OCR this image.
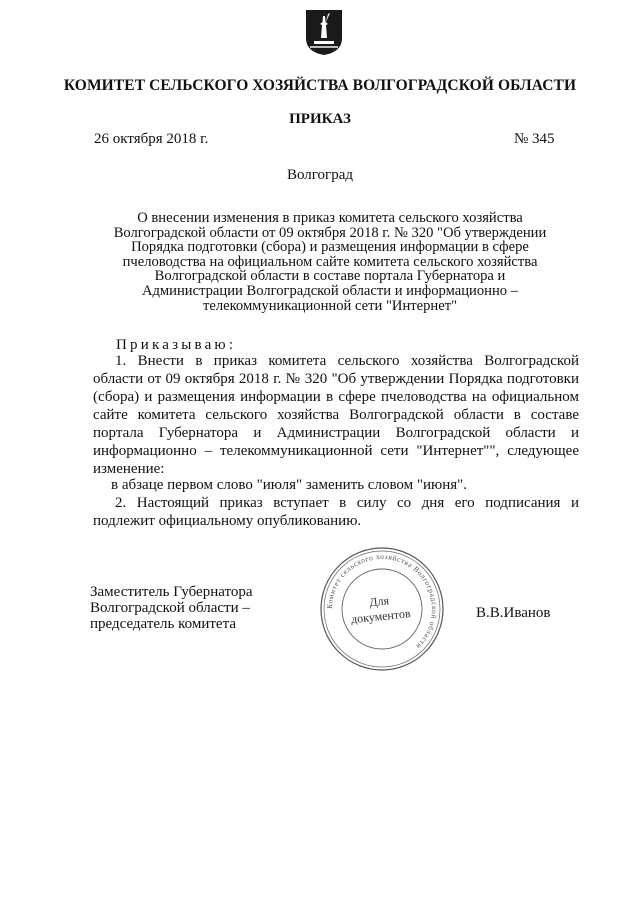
КОМИТЕТ СЕЛЬСКОГО ХОЗЯЙСТВА ВОЛГОГРАДСКОЙ ОБЛАСТИ
ПРИКАЗ
26 октября 2018 г.	№ 345
Волгоград
О внесении изменения в приказ комитета сельского хозяйства
Волгоградской области от 09 октября 2018 г. № 320 "Об утверждении
Порядка подготовки (сбора) и размещения информации в сфере
пчеловодства на официальном сайте комитета сельского хозяйства
Волгоградской области в составе портала Губернатора и
Администрации Волгоградской области и информационно –
телекоммуникационной сети "Интернет"
Приказываю:
1. Внести в приказ комитета сельского хозяйства Волгоградской
области от 09 октября 2018 г. № 320 "Об утверждении Порядка подготовки
(сбора) и размещения информации в сфере пчеловодства на официальном
сайте комитета сельского хозяйства Волгоградской области в составе
портала Губернатора и Администрации Волгоградской области и
информационно – телекоммуникационной сети "Интернет"", следующее
изменение:
в абзаце первом слово "июля" заменить словом "июня".
2. Настоящий приказ вступает в силу со дня его подписания и
подлежит официальному опубликованию.
Заместитель Губернатора
Волгоградской области –
председатель комитета
В.В.Иванов
Комитет сельского хозяйства Волгоградской области
Для
документов
